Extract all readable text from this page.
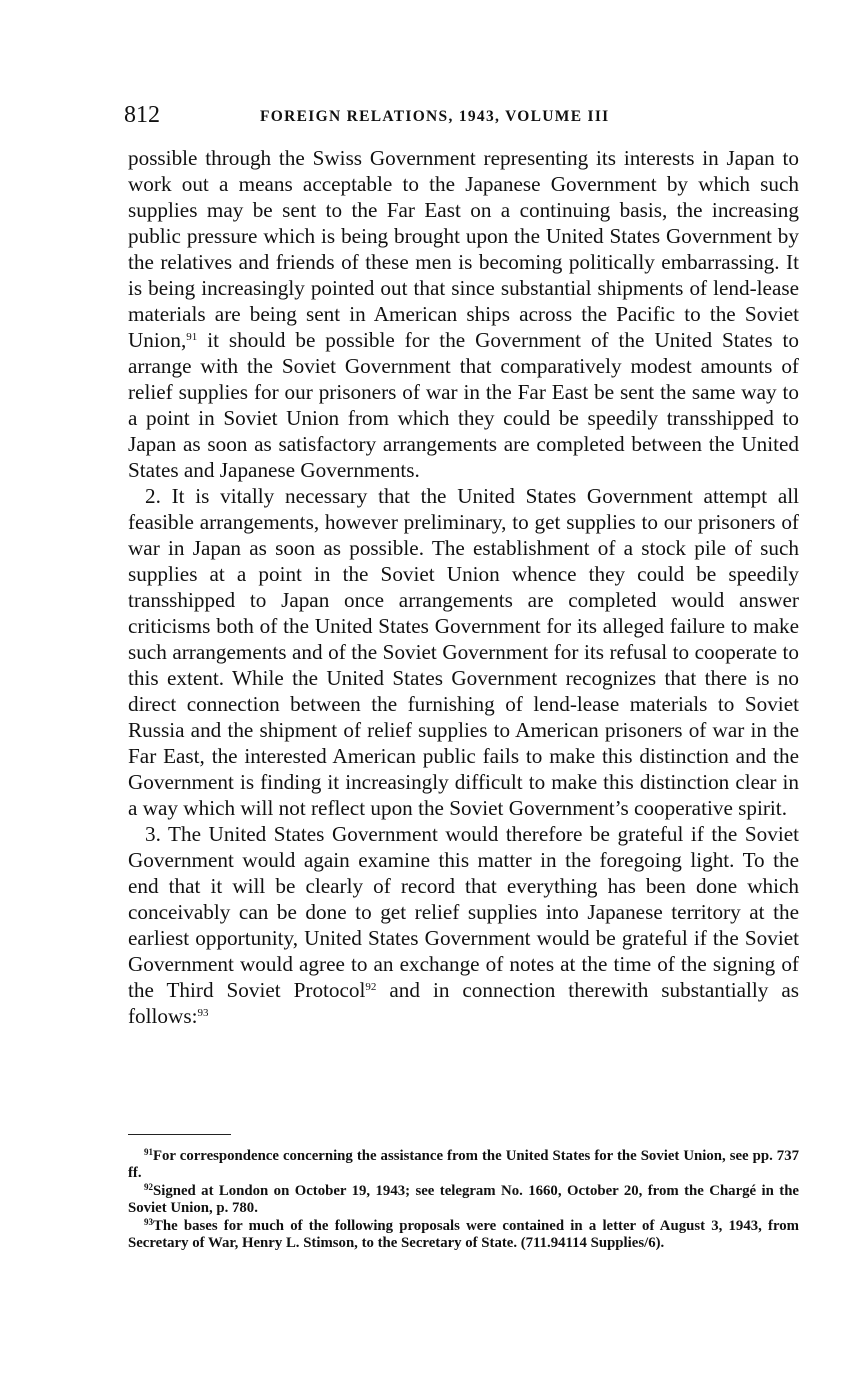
812	FOREIGN RELATIONS, 1943, VOLUME III

possible through the Swiss Government representing its interests in Japan to work out a means acceptable to the Japanese Government by which such supplies may be sent to the Far East on a continuing basis, the increasing public pressure which is being brought upon the United States Government by the relatives and friends of these men is becoming politically embarrassing. It is being increasingly pointed out that since substantial shipments of lend-lease materials are being sent in American ships across the Pacific to the Soviet Union,$^{91}$ it should be possible for the Government of the United States to arrange with the Soviet Government that comparatively modest amounts of relief supplies for our prisoners of war in the Far East be sent the same way to a point in Soviet Union from which they could be speedily transshipped to Japan as soon as satisfactory arrangements are completed between the United States and Japanese Governments.

2. It is vitally necessary that the United States Government attempt all feasible arrangements, however preliminary, to get supplies to our prisoners of war in Japan as soon as possible. The establishment of a stock pile of such supplies at a point in the Soviet Union whence they could be speedily transshipped to Japan once arrangements are completed would answer criticisms both of the United States Government for its alleged failure to make such arrangements and of the Soviet Government for its refusal to cooperate to this extent. While the United States Government recognizes that there is no direct connection between the furnishing of lend-lease materials to Soviet Russia and the shipment of relief supplies to American prisoners of war in the Far East, the interested American public fails to make this distinction and the Government is finding it increasingly difficult to make this distinction clear in a way which will not reflect upon the Soviet Government’s cooperative spirit.

3. The United States Government would therefore be grateful if the Soviet Government would again examine this matter in the foregoing light. To the end that it will be clearly of record that everything has been done which conceivably can be done to get relief supplies into Japanese territory at the earliest opportunity, United States Government would be grateful if the Soviet Government would agree to an exchange of notes at the time of the signing of the Third Soviet Protocol$^{92}$ and in connection therewith substantially as follows:$^{93}$

$^{91}$For correspondence concerning the assistance from the United States for the Soviet Union, see pp. 737 ff.

$^{92}$Signed at London on October 19, 1943; see telegram No. 1660, October 20, from the Chargé in the Soviet Union, p. 780.

$^{93}$The bases for much of the following proposals were contained in a letter of August 3, 1943, from Secretary of War, Henry L. Stimson, to the Secretary of State. (711.94114 Supplies/6).
